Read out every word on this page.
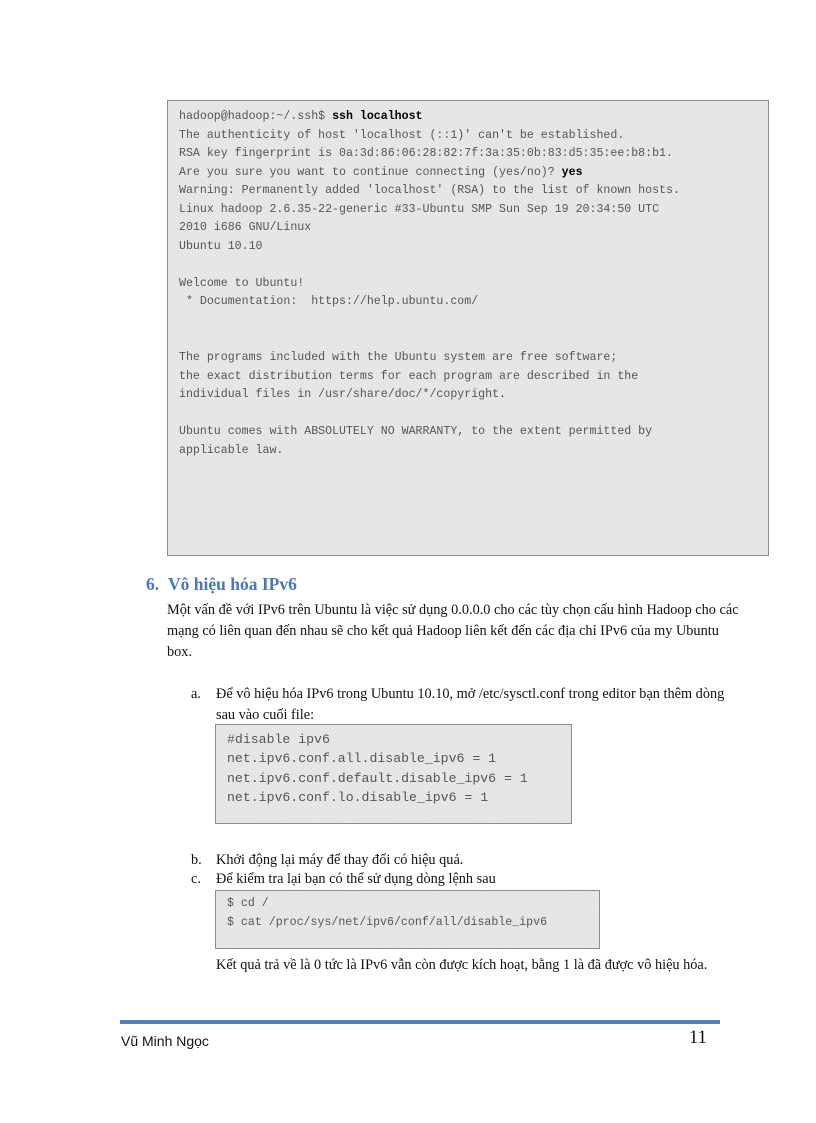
hadoop@hadoop:~/.ssh$ ssh localhost
The authenticity of host 'localhost (::1)' can't be established.
RSA key fingerprint is 0a:3d:86:06:28:82:7f:3a:35:0b:83:d5:35:ee:b8:b1.
Are you sure you want to continue connecting (yes/no)? yes
Warning: Permanently added 'localhost' (RSA) to the list of known hosts.
Linux hadoop 2.6.35-22-generic #33-Ubuntu SMP Sun Sep 19 20:34:50 UTC
2010 i686 GNU/Linux
Ubuntu 10.10

Welcome to Ubuntu!
* Documentation:  https://help.ubuntu.com/

The programs included with the Ubuntu system are free software;
the exact distribution terms for each program are described in the
individual files in /usr/share/doc/*/copyright.

Ubuntu comes with ABSOLUTELY NO WARRANTY, to the extent permitted by
applicable law.
6. Vô hiệu hóa IPv6

Một vấn đề với IPv6 trên Ubuntu là việc sử dụng 0.0.0.0 cho các tùy chọn cấu hình Hadoop cho các mạng có liên quan đến nhau sẽ cho kết quả Hadoop liên kết đến các địa chỉ IPv6 của my Ubuntu box.

a. Để vô hiệu hóa IPv6 trong Ubuntu 10.10, mở /etc/sysctl.conf trong editor bạn thêm dòng sau vào cuối file:
#disable ipv6
net.ipv6.conf.all.disable_ipv6 = 1
net.ipv6.conf.default.disable_ipv6 = 1
net.ipv6.conf.lo.disable_ipv6 = 1
b. Khởi động lại máy để thay đổi có hiệu quả.
c. Để kiểm tra lại bạn có thể sử dụng dòng lệnh sau
$ cd /
$ cat /proc/sys/net/ipv6/conf/all/disable_ipv6

Kết quả trả về là 0 tức là IPv6 vẫn còn được kích hoạt, bằng 1 là đã được vô hiệu hóa.

Vũ Minh Ngọc	11
